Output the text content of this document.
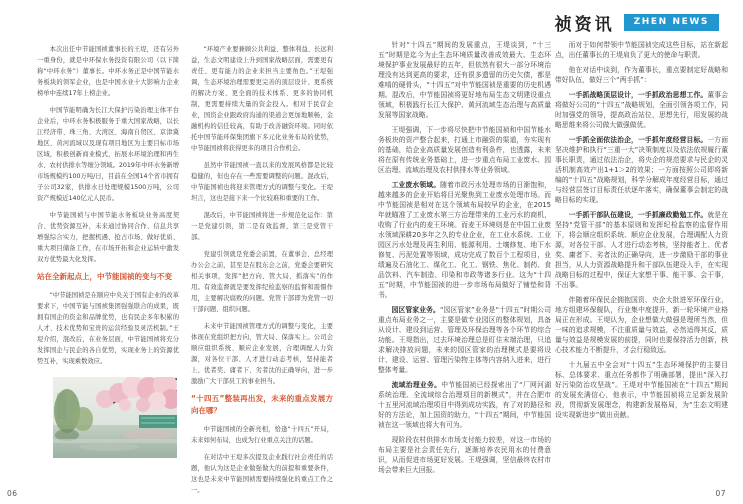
祯资讯	ZHEN NEWS

本次出任中节能国祯董事长的王堤，还有另外一重身份，就是中环保水务投资有限公司（以下简称“中环水务”）董事长。中环水务正是中国节能水务板块的领军企业，也是中国水业十大影响力企业榜单中连续17年上榜企业。

中国节能明确为长江大保护污染治理主体平台企业后，中环水务积极服务于重大国家战略，以长江经济带、珠三角、大湾区、海南自贸区、京津冀地区、黄河流域以及现有项目地区为主要目标市场区域，积极创新商业模式，拓展水环境治理和再生水、农村供排水等细分领域。2019年中环水务新增市场规模约100万吨/日，目前在全国14个省市拥有子公司32家，供排水日处理规模1500万吨，公司资产规模近140亿元人民币。

中节能国祯与中国节能水务板块业务高度契合、优势资源互补，未来通过协同合作、信息共享增强综合实力，把握机遇、抢占市场、做好优质、重大项目储备工作，在市场开拓和企业运转中激发双方优势最大化发挥。

站在全新起点上，中节能国祯的变与不变

“中节能国祯是在顺应中央关于国有企业的改革要求下，中国节能与国祯集团强强联合的成果，既拥有国企的资金和品牌优势，也有民企多年积累的人才、技术优势和宝贵的运营经验及灵活机制。”王堤介绍，混改后，在业务层面，中节能国祯将充分发挥国企与民企的各自优势，实现业务上的资源优势互补，实现乘数效应。

“环境产业要兼顾公共利益、整体利益、长远利益，生态文明建设上升到国家战略层面，需要更有责任、更有能力的企业来担当主要角色。”王堤强调，生态环境治理需要更完善的顶层设计、更系统的解决方案、更全面的技术体系、更多的协同机制，更需要持续大量的资金投入。相对于民营企业，国资企业跟政府沟通的渠道会更加地顺畅，金融机构的信任较高，有助于改善融资环境。同时依托中国节能环保集团旗下多元化业务布局的优势，中节能国祯将获得更多的项目合作机会。

虽然中节能国祯一直以来的发展风格都是比较稳健的，但也存在一些需要调整的问题。混改后，中节能国祯也将迎来管理方式的调整与变化。王堤坦言，这也是接下来一个比较难和重要的工作。

混改后，中节能国祯将进一步规范化运作：第一是党建引领，第二是有效监督，第三是党管干部。

党建引领就是党委会前置，在董事会、总经理办公会之前，甚至是在股东会之前，党委会要研究相关事项，发挥“把方向、管大局、抓落实”的作用。有效监督就是要发挥纪检监察的监督和震慑作用，主要解决腐败的问题。党管干部即为党管一切干部问题、组织问题。

未来中节能国祯管理方式的调整与变化，主要体现在党组织把方向、管大局、保落实上。公司会顺应组织系统、顺应企业发展，合理调配人力资源，对各位干部、人才进行动态考核，坚持能者上、优者奖、庸者下、劣者汰的正确导向，进一步激励广大干部员工的事业担当。

“十四五”整装再出发，未来的重点发展方向在哪？

中节能国祯的全新亮相，恰逢“十四五”开局，未来如何布局，也成为行业重点关注的话题。

在对话中王堤多次提及企业践行社会责任的话题，他认为这是企业做强做大的前提和重要条件，这也是未来中节能国祯需要持续强化的重点工作之一。

针对“十四五”期间的发展重点，王堤谈到，“十三五”时期是迄今为止生态环境质量改善成效最大、生态环境保护事业发展最好的五年，但依然有很大一部分环境治理没有达到更高的要求，还有很多遗留的历史欠债，都是难啃的硬骨头，“十四五”对中节能国祯是重要的历史机遇期。混改后，中节能国祯将更好地布局生态文明建设重点领域，积极践行长江大保护、黄河流域生态治理与高质量发展等国家战略。

王堤强调，下一步将尽快把中节能国祯和中国节能水务板块的资产整合起来，打通上市融资的渠道，夯实现有的基础，给企业高质量发展创造有利条件，也透露，未来将在原有传统业务基础上，进一步重点布局工业废水、园区治理、流域治理及农村供排水等业务领域。

工业废水领域。随着市政污水处理市场的日渐饱和，越来越多的企业开始将目光聚焦到工业废水处理市场。而中节能国祯是相对在这个领域布局较早的企业，在2015年就瞄准了工业废水第三方治理带来的工业污水的商机，收购了行业内的麦王环境。而麦王环境则是在中国工业废水领域深耕20多年之久的专业企业，在工业水系统、工业园区污水处理及再生利用、能源利用、土壤修复、地下水修复、污泥处置等领域，成功完成了数百个工程项目，业绩遍及石油化工、煤化工、化工、钢铁、焦化、制药、食品饮料、汽车制造、印染和市政等诸多行业。这为“十四五”时期，中节能国祯的进一步市场布局做好了铺垫和背书。

园区管家业务。“园区管家”业务是“十四五”时期公司重点布局业务之一，主要是做专业园区的整体规划，具备从设计、建设到运营、管理及环保治理等各个环节的综合功能。王堤指出，过去环境治理总是盯住末端治理，只追求解决排放问题，未来的园区管家的治理模式是要将设计、建设、运营、管理污染物主体等内容纳入进来，进行整体考量。

流域治理业务。中节能国祯已经探索出了“厂网河湖系统治理、全流域综合治理项目的新模式”，并在合肥市十五里河流域治理项目中得到成功实践，有了对的路径和好的方法论，加上国资的助力，“十四五”期间，中节能国祯在这一领域也将大有可为。

现阶段农村供排水市场支付能力较差，对这一市场的布局主要是社会责任先行，逐渐培养农民用水的付费意识，从而促进市场更好发展。王堤强调，坚信最终农村市场会带来巨大回报。

而对于如何带领中节能国祯完成这些目标，站在新起点，出任董事长的王堤肩负了更大的使命与职责。

他在对话中谈到，作为董事长，重点要制定好战略和带好队伍，做好三个“两手抓”：

一手抓战略顶层设计，一手抓政治思想工作。董事会将做好公司的“十四五”战略规划，全面引领各项工作，同时加强党的领导，提高政治站位，思想先行，用发展的战略思维来将公司做大做强做优。

一手抓全面依法治企，一手抓年度经营目标。一方面坚决维护和执行“三重一大”决策制度以及依法依规履行董事长职责，通过依法治企，将央企的规范要求与民企的灵活机制高效产出1+1＞2的效果；一方面按照公司即将新编的“十四五”战略规划，科学分解成年度经营目标，通过与经营层签订目标责任状逐年落实，确保董事会制定的战略目标的实现。

一手抓干部队伍建设，一手抓廉政勤勉工作。就是在坚持“党管干部”的基本原则和发挥纪检监察的监督作用下，将会顺应组织系统、顺应企业发展，合理调配人力资源，对各位干部、人才进行动态考核，坚持能者上、优者奖、庸者下、劣者汰的正确导向，进一步激励干部的事业担当，从人力资源战略提升和干部队伍建设入手，在实现战略目标的过程中，保证大家想干事、能干事、会干事，不出事。

伴随着环保民企拥抱国资、央企大批进军环保行业，地方组建环保舰队，行业集中度提升，新一轮环境产业格局正在形成。王堤认为，企业想做大做强是理所当然，但一味的追求规模，不注重质量与效益，必然适得其反，质量与效益是规模发展的前提，同时也要保持活力创新，核心技术能力不断提升，才会行稳致远。

十九届五中全会对“十四五”生态环境保护的主要目标、总体要求、重点任务都作了明确部署，提出“深入打好污染防治攻坚战”。王堤对中节能国祯在“十四五”期间的发展充满信心，他表示，中节能国祯将立足新发展阶段，贯彻新发展理念，构建新发展格局，为“生态文明建设实现新进步”做出贡献。

06	07
